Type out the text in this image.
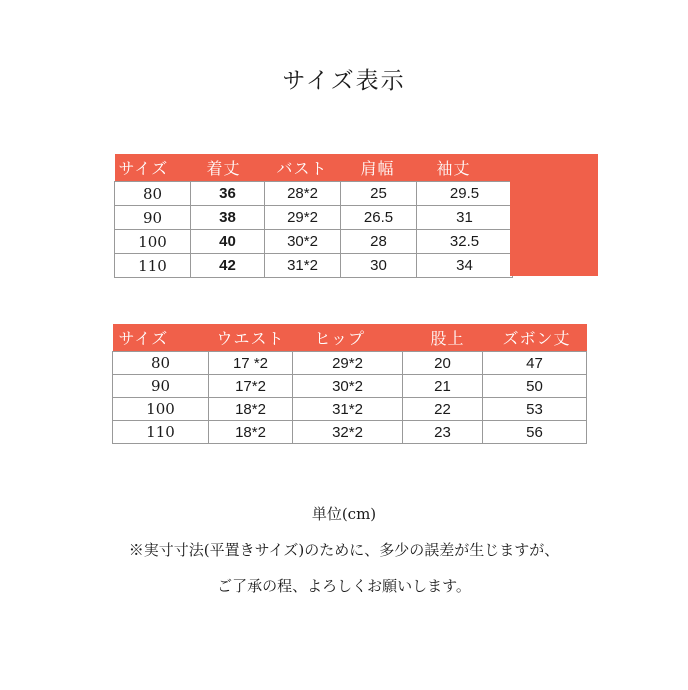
サイズ表示
サイズ	着丈	バスト	肩幅	袖丈
80	36	28*2	25	29.5
90	38	29*2	26.5	31
100	40	30*2	28	32.5
110	42	31*2	30	34
サイズ	ウエスト	ヒップ	股上	ズボン丈
80	17 *2	29*2	20	47
90	17*2	30*2	21	50
100	18*2	31*2	22	53
110	18*2	32*2	23	56
単位(cm)
※実寸寸法(平置きサイズ)のために、多少の誤差が生じますが、
ご了承の程、よろしくお願いします。
